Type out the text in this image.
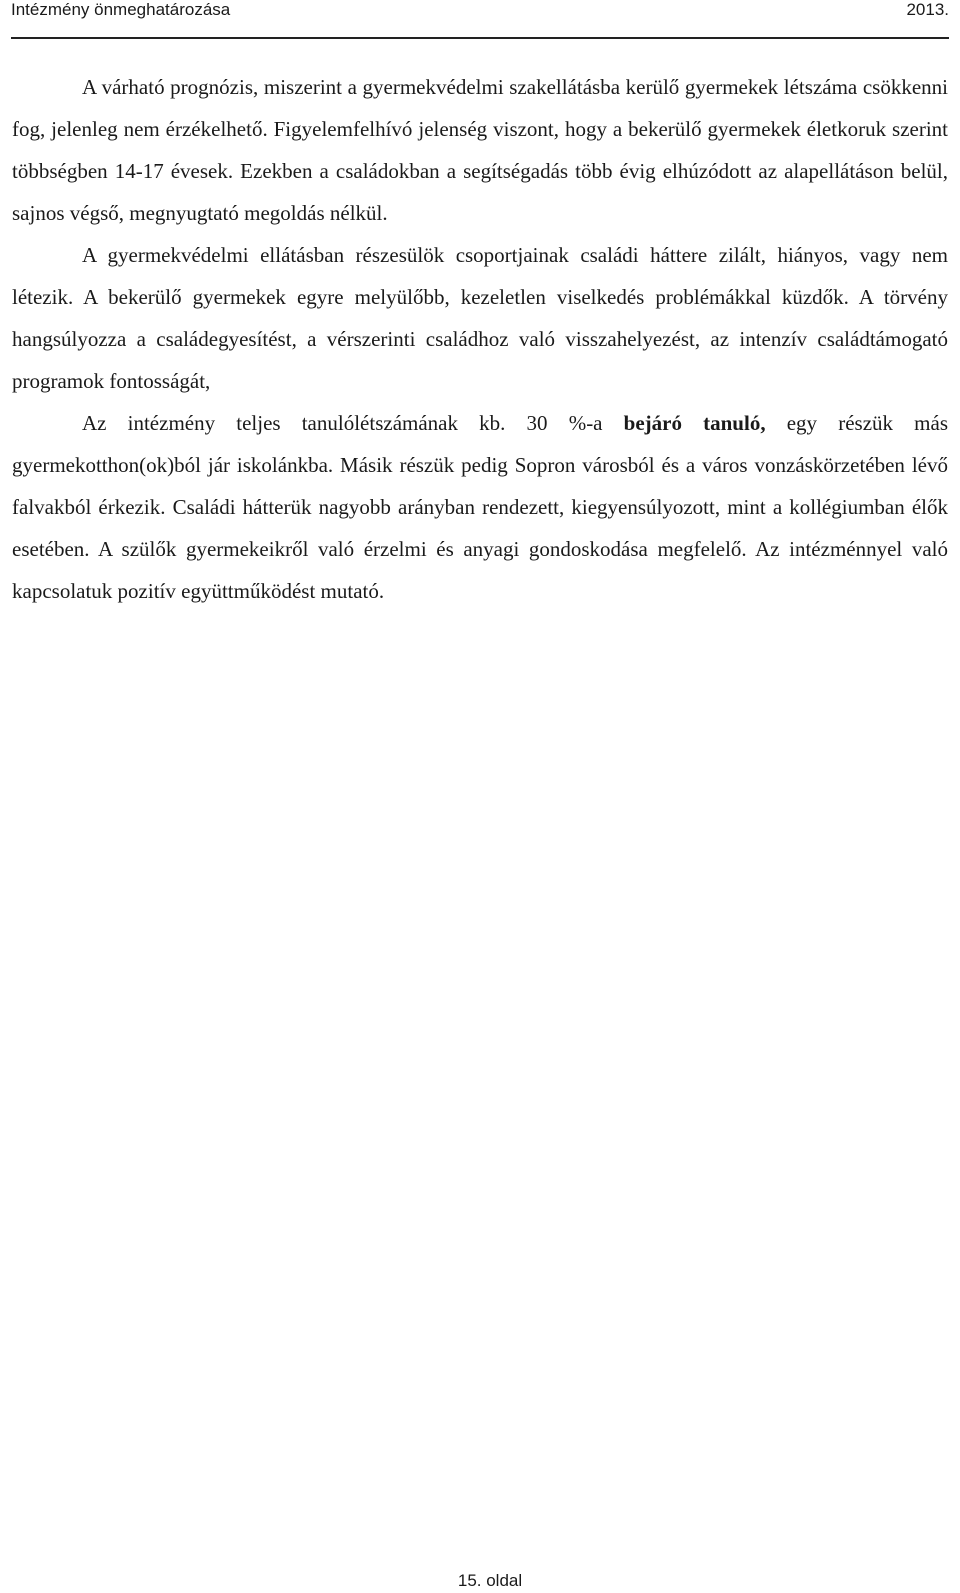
Intézmény önmeghatározása	2013.

A várható prognózis, miszerint a gyermekvédelmi szakellátásba kerülő gyermekek létszáma csökkenni fog, jelenleg nem érzékelhető. Figyelemfelhívó jelenség viszont, hogy a bekerülő gyermekek életkoruk szerint többségben 14-17 évesek. Ezekben a családokban a segítségadás több évig elhúzódott az alapellátáson belül, sajnos végső, megnyugtató megoldás nélkül.

A gyermekvédelmi ellátásban részesülök csoportjainak családi háttere zilált, hiányos, vagy nem létezik. A bekerülő gyermekek egyre melyülőbb, kezeletlen viselkedés problémákkal küzdők. A törvény hangsúlyozza a családegyesítést, a vérszerinti családhoz való visszahelyezést, az intenzív családtámogató programok fontosságát,

Az intézmény teljes tanulólétszámának kb. 30 %-a bejáró tanuló, egy részük más gyermekotthon(ok)ból jár iskolánkba. Másik részük pedig Sopron városból és a város vonzáskörzetében lévő falvakból érkezik. Családi hátterük nagyobb arányban rendezett, kiegyensúlyozott, mint a kollégiumban élők esetében. A szülők gyermekeikről való érzelmi és anyagi gondoskodása megfelelő. Az intézménnyel való kapcsolatuk pozitív együttműködést mutató.

15. oldal
